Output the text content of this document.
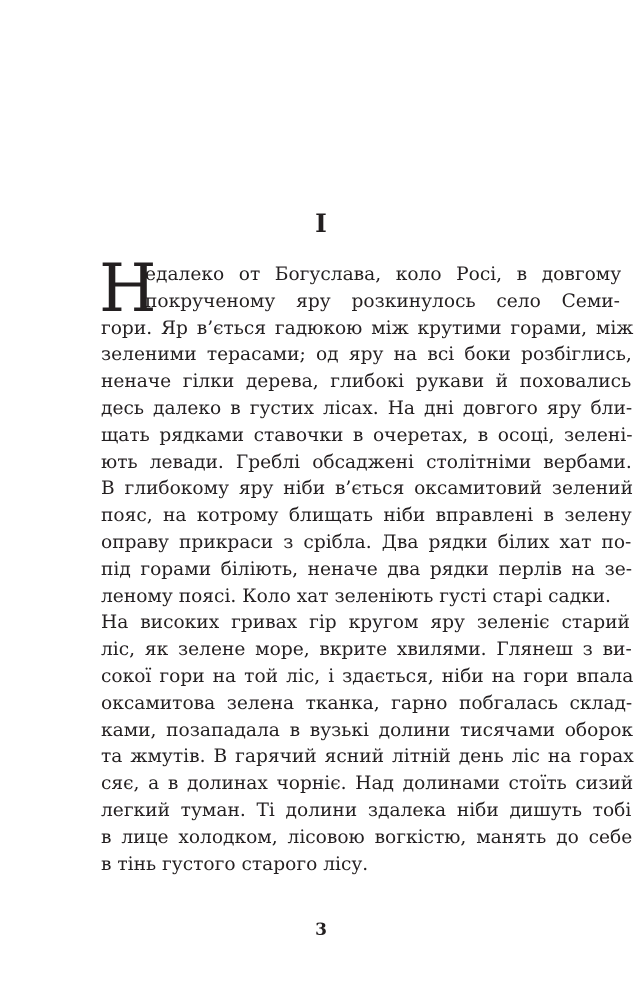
I
Н
едалеко от Богуслава, коло Росі, в довгому
покрученому яру розкинулось село Семи-
гори. Яр в’ється гадюкою між крутими горами, між
зеленими терасами; од яру на всі боки розбіглись,
неначе гілки дерева, глибокі рукави й поховались
десь далеко в густих лісах. На дні довгого яру бли-
щать рядками ставочки в очеретах, в осоці, зелені-
ють левади. Греблі обсаджені столітніми вербами.
В глибокому яру ніби в’ється оксамитовий зелений
пояс, на котрому блищать ніби вправлені в зелену
оправу прикраси з срібла. Два рядки білих хат по-
під горами біліють, неначе два рядки перлів на зе-
леному поясі. Коло хат зеленіють густі старі садки.
На високих гривах гір кругом яру зеленіє старий
ліс, як зелене море, вкрите хвилями. Глянеш з ви-
сокої гори на той ліс, і здається, ніби на гори впала
оксамитова зелена тканка, гарно побгалась склад-
ками, позападала в вузькі долини тисячами оборок
та жмутів. В гарячий ясний літній день ліс на горах
сяє, а в долинах чорніє. Над долинами стоїть сизий
легкий туман. Ті долини здалека ніби дишуть тобі
в лице холодком, лісовою вогкістю, манять до себе
в тінь густого старого лісу.
3
